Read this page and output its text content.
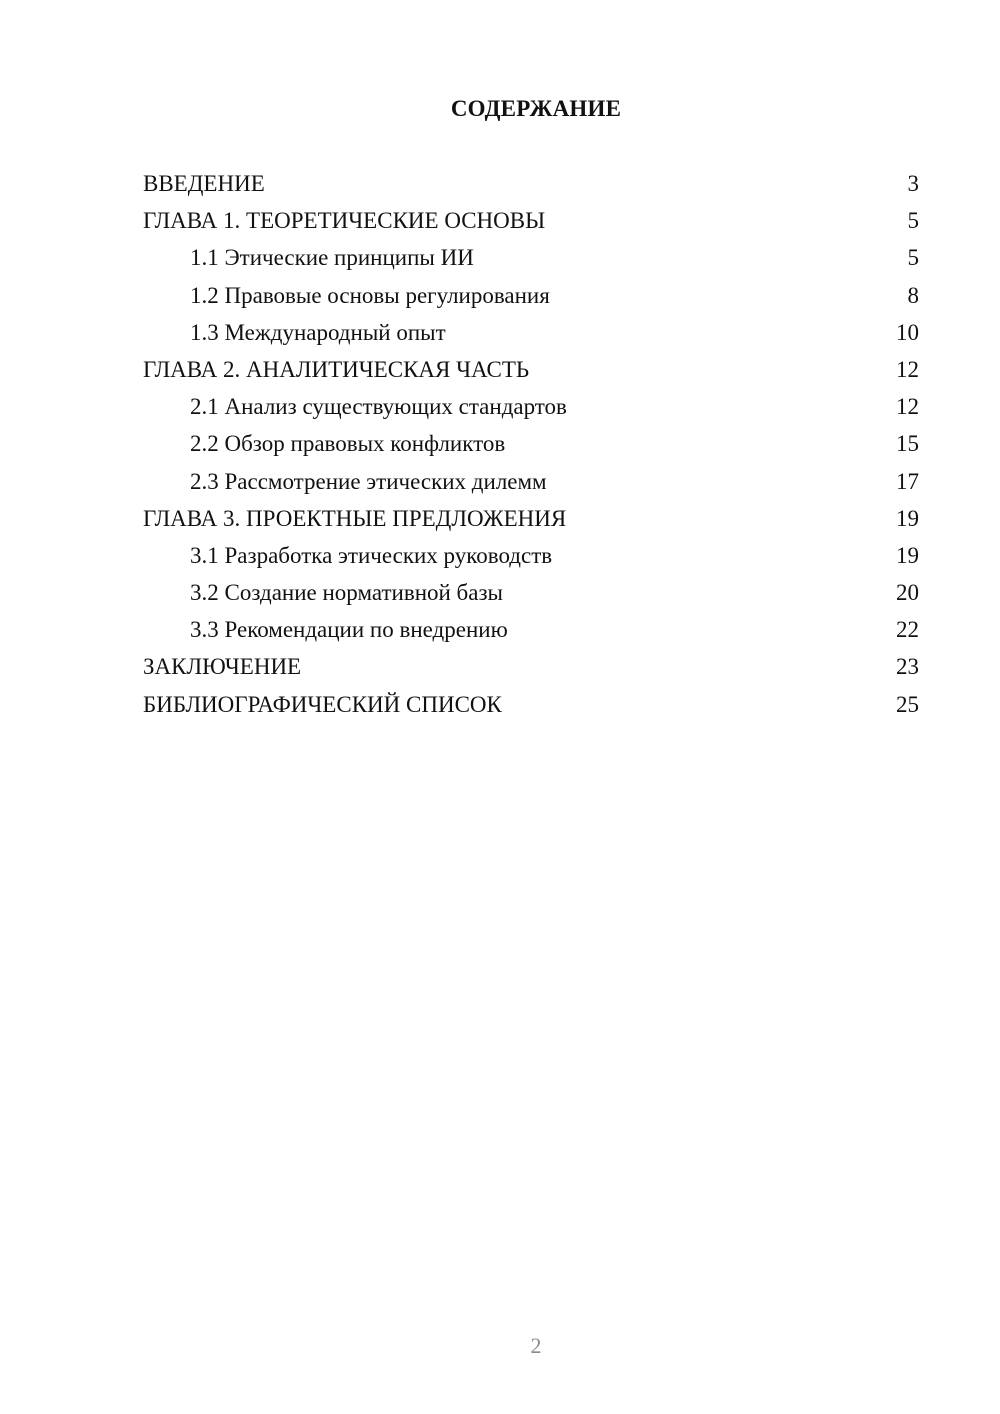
СОДЕРЖАНИЕ
ВВЕДЕНИЕ	3
ГЛАВА 1. ТЕОРЕТИЧЕСКИЕ ОСНОВЫ	5
1.1 Этические принципы ИИ	5
1.2 Правовые основы регулирования	8
1.3 Международный опыт	10
ГЛАВА 2. АНАЛИТИЧЕСКАЯ ЧАСТЬ	12
2.1 Анализ существующих стандартов	12
2.2 Обзор правовых конфликтов	15
2.3 Рассмотрение этических дилемм	17
ГЛАВА 3. ПРОЕКТНЫЕ ПРЕДЛОЖЕНИЯ	19
3.1 Разработка этических руководств	19
3.2 Создание нормативной базы	20
3.3 Рекомендации по внедрению	22
ЗАКЛЮЧЕНИЕ	23
БИБЛИОГРАФИЧЕСКИЙ СПИСОК	25
2
